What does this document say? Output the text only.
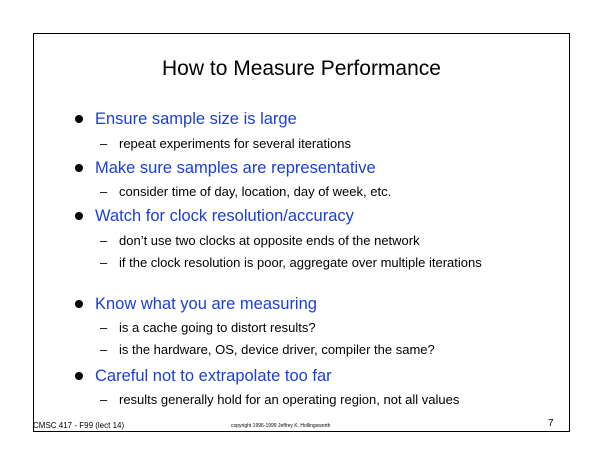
How to Measure Performance
Ensure sample size is large
– repeat experiments for several iterations
Make sure samples are representative
– consider time of day, location, day of week, etc.
Watch for clock resolution/accuracy
– don’t use two clocks at opposite ends of the network
– if the clock resolution is poor, aggregate over multiple iterations
Know what you are measuring
– is a cache going to distort results?
– is the hardware, OS, device driver, compiler the same?
Careful not to extrapolate too far
– results generally hold for an operating region, not all values
CMSC 417 - F99 (lect 14)	copyright 1996-1999 Jeffrey K. Hollingsworth	7
